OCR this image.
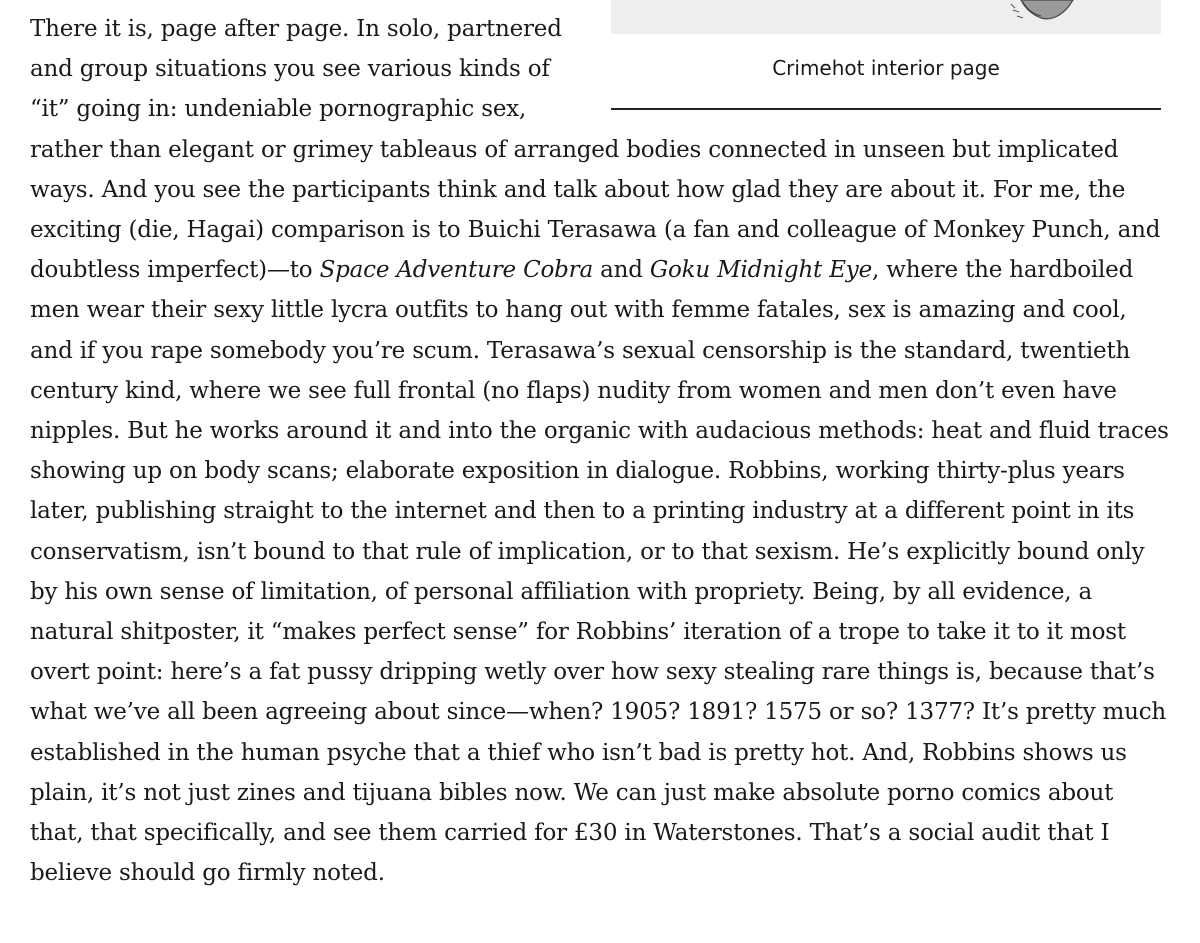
Crimehot interior page

There it is, page after page. In solo, partnered and group situations you see various kinds of “it” going in: undeniable pornographic sex, rather than elegant or grimey tableaus of arranged bodies connected in unseen but implicated ways. And you see the participants think and talk about how glad they are about it. For me, the exciting (die, Hagai) comparison is to Buichi Terasawa (a fan and colleague of Monkey Punch, and doubtless imperfect)—to Space Adventure Cobra and Goku Midnight Eye, where the hardboiled men wear their sexy little lycra outfits to hang out with femme fatales, sex is amazing and cool, and if you rape somebody you’re scum. Terasawa’s sexual censorship is the standard, twentieth century kind, where we see full frontal (no flaps) nudity from women and men don’t even have nipples. But he works around it and into the organic with audacious methods: heat and fluid traces showing up on body scans; elaborate exposition in dialogue. Robbins, working thirty-plus years later, publishing straight to the internet and then to a printing industry at a different point in its conservatism, isn’t bound to that rule of implication, or to that sexism. He’s explicitly bound only by his own sense of limitation, of personal affiliation with propriety. Being, by all evidence, a natural shitposter, it “makes perfect sense” for Robbins’ iteration of a trope to take it to it most overt point: here’s a fat pussy dripping wetly over how sexy stealing rare things is, because that’s what we’ve all been agreeing about since—when? 1905? 1891? 1575 or so? 1377? It’s pretty much established in the human psyche that a thief who isn’t bad is pretty hot. And, Robbins shows us plain, it’s not just zines and tijuana bibles now. We can just make absolute porno comics about that, that specifically, and see them carried for £30 in Waterstones. That’s a social audit that I believe should go firmly noted.
